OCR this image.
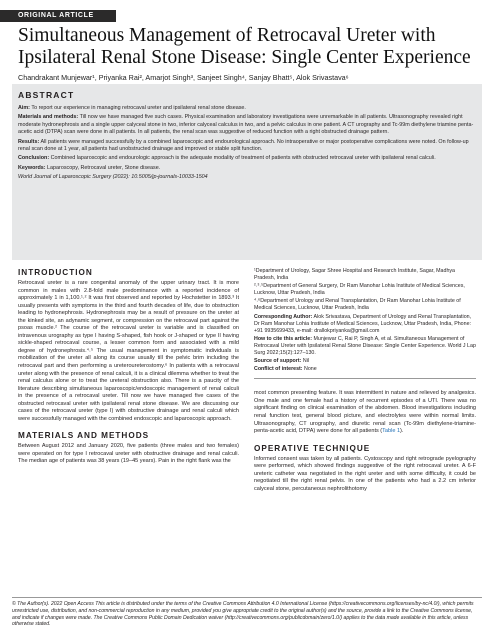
ORIGINAL ARTICLE
Simultaneous Management of Retrocaval Ureter with Ipsilateral Renal Stone Disease: Single Center Experience
Chandrakant Munjewar¹, Priyanka Rai², Amarjot Singh³, Sanjeet Singh⁴, Sanjay Bhatt⁵, Alok Srivastava⁶
ABSTRACT

Aim: To report our experience in managing retrocaval ureter and ipsilateral renal stone disease.

Materials and methods: Till now we have managed five such cases. Physical examination and laboratory investigations were unremarkable in all patients. Ultrasonography revealed right moderate hydronephrosis and a single upper calyceal stone in two, inferior calyceal calculus in two, and a pelvic calculus in one patient. A CT urography and Tc-99m diethylene triamine penta-acetic acid (DTPA) scan were done in all patients. In all patients, the renal scan was suggestive of reduced function with a right obstructed drainage pattern.

Results: All patients were managed successfully by a combined laparoscopic and endourological approach. No intraoperative or major postoperative complications were noted. On follow-up renal scan done at 1 year, all patients had unobstructed drainage and improved or stable split function.

Conclusion: Combined laparoscopic and endourologic approach is the adequate modality of treatment of patients with obstructed retrocaval ureter with ipsilateral renal calculi.

Keywords: Laparoscopy, Retrocaval ureter, Stone disease.

World Journal of Laparoscopic Surgery (2022): 10.5005/jp-journals-10033-1504

INTRODUCTION

Retrocaval ureter is a rare congenital anomaly of the upper urinary tract. It is more common in males with 2.8-fold male predominance with a reported incidence of approximately 1 in 1,100.¹˒² It was first observed and reported by Hochstetter in 1893.³ It usually presents with symptoms in the third and fourth decades of life, due to obstruction leading to hydronephrosis. Hydronephrosis may be a result of pressure on the ureter at the kinked site, an adynamic segment, or compression on the retrocaval part against the psoas muscle.² The course of the retrocaval ureter is variable and is classified on intravenous urography as type I having S-shaped, fish hook or J-shaped or type II having sickle-shaped retrocaval course, a lesser common form and associated with a mild degree of hydronephrosis.⁴˒⁵ The usual management in symptomatic individuals is mobilization of the ureter all along its course usually till the pelvic brim including the retrocaval part and then performing a ureteroureterostomy.⁶ In patients with a retrocaval ureter along with the presence of renal calculi, it is a clinical dilemma whether to treat the renal calculus alone or to treat the ureteral obstruction also. There is a paucity of the literature describing simultaneous laparoscopic/endoscopic management of renal calculi in the presence of a retrocaval ureter. Till now we have managed five cases of the obstructed retrocaval ureter with ipsilateral renal stone disease. We are discussing our cases of the retrocaval ureter (type I) with obstructive drainage and renal calculi which were successfully managed with the combined endoscopic and laparoscopic approach.

MATERIALS AND METHODS

Between August 2012 and January 2020, five patients (three males and two females) were operated on for type I retrocaval ureter with obstructive drainage and renal calculi. The median age of patients was 38 years (19–45 years). Pain in the right flank was the

¹Department of Urology, Sagar Shree Hospital and Research Institute, Sagar, Madhya Pradesh, India

²˒³˒⁵Department of General Surgery, Dr Ram Manohar Lohia Institute of Medical Sciences, Lucknow, Uttar Pradesh, India

⁴˒⁶Department of Urology and Renal Transplantation, Dr Ram Manohar Lohia Institute of Medical Sciences, Lucknow, Uttar Pradesh, India

Corresponding Author: Alok Srivastava, Department of Urology and Renal Transplantation, Dr Ram Manohar Lohia Institute of Medical Sciences, Lucknow, Uttar Pradesh, India, Phone: +91 9935699433, e-mail: drallokpriyanka@gmail.com

How to cite this article: Munjewar C, Rai P, Singh A, et al. Simultaneous Management of Retrocaval Ureter with Ipsilateral Renal Stone Disease: Single Center Experience. World J Lap Surg 2022;15(2):127–130.

Source of support: Nil

Conflict of interest: None

most common presenting feature. It was intermittent in nature and relieved by analgesics. One male and one female had a history of recurrent episodes of a UTI. There was no significant finding on clinical examination of the abdomen. Blood investigations including renal function test, general blood picture, and electrolytes were within normal limits. Ultrasonography, CT urography, and diuretic renal scan (Tc-99m diethylene-triamine-penta-acetic acid, DTPA) were done for all patients (Table 1).

OPERATIVE TECHNIQUE

Informed consent was taken by all patients. Cystoscopy and right retrograde pyelography were performed, which showed findings suggestive of the right retrocaval ureter. A 6-F ureteric catheter was negotiated in the right ureter and with some difficulty, it could be negotiated till the right renal pelvis. In one of the patients who had a 2.2 cm inferior calyceal stone, percutaneous nephrolithotomy

© The Author(s). 2022 Open Access This article is distributed under the terms of the Creative Commons Attribution 4.0 International License (https://creativecommons.org/licenses/by-nc/4.0/), which permits unrestricted use, distribution, and non-commercial reproduction in any medium, provided you give appropriate credit to the original author(s) and the source, provide a link to the Creative Commons license, and indicate if changes were made. The Creative Commons Public Domain Dedication waiver (http://creativecommons.org/publicdomain/zero/1.0/) applies to the data made available in this article, unless otherwise stated.
